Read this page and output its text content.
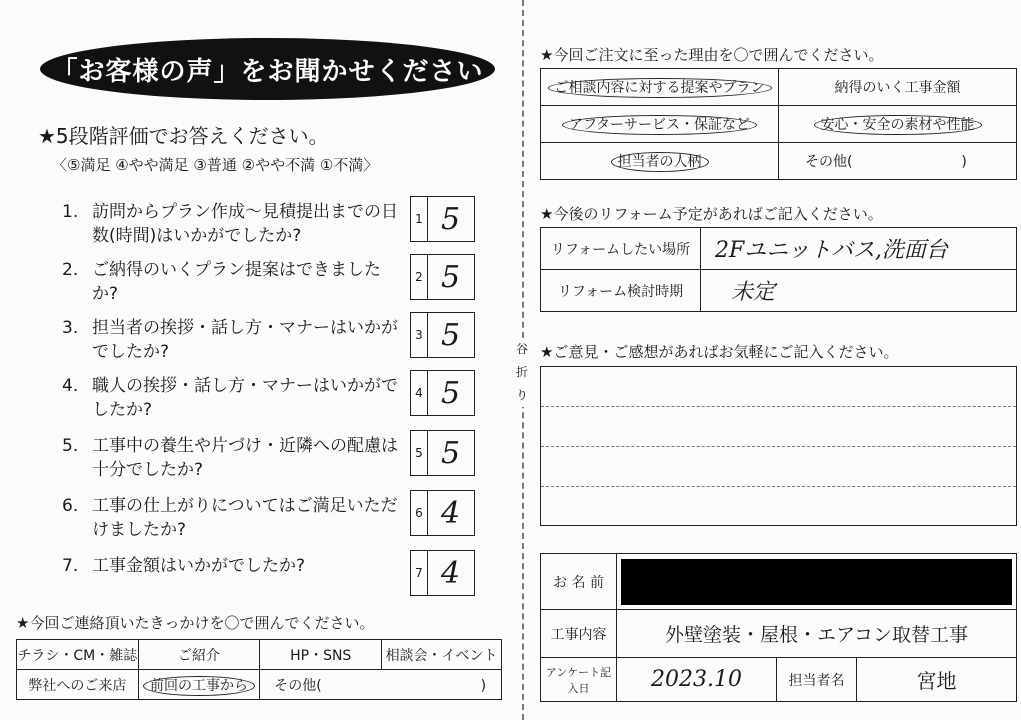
谷
折
り
「お客様の声」をお聞かせください
★5段階評価でお答えください。
〈⑤満足 ④やや満足 ③普通 ②やや不満 ①不満〉
1. 訪問からプラン作成〜見積提出までの日数(時間)はいかがでしたか?
1 5
2. ご納得のいくプラン提案はできましたか?
2 5
3. 担当者の挨拶・話し方・マナーはいかがでしたか?
3 5
4. 職人の挨拶・話し方・マナーはいかがでしたか?
4 5
5. 工事中の養生や片づけ・近隣への配慮は十分でしたか?
5 5
6. 工事の仕上がりについてはご満足いただけましたか?
6 4
7. 工事金額はいかがでしたか?	7 4
★今回ご連絡頂いたきっかけを〇で囲んでください。
チラシ・CM・雑誌	ご紹介	HP・SNS	相談会・イベント
弊社へのご来店	前回の工事から	その他( )	
★今回ご注文に至った理由を〇で囲んでください。
ご相談内容に対する提案やプラン	納得のいく工事金額
アフターサービス・保証など	安心・安全の素材や性能
担当者の人柄	その他( )
★今後のリフォーム予定があればご記入ください。
リフォームしたい場所	2Fユニットバス,洗面台
リフォーム検討時期	未定
★ご意見・ご感想があればお気軽にご記入ください。
お 名 前			

工事内容	外壁塗装・屋根・エアコン取替工事		
アンケート記入日	2023.10	担当者名	宮地
